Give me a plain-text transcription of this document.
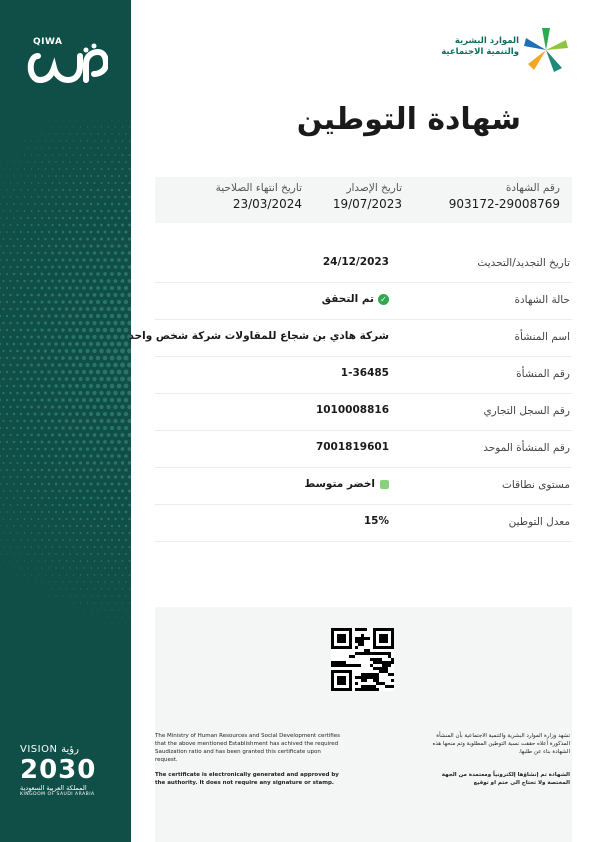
QIWA
VISION رؤية
2030
المملكة العربية السعودية
KINGDOM OF SAUDI ARABIA
الموارد البشرية
والتنمية الاجتماعية
شهادة التوطين
رقم الشهادة
903172-29008769
تاريخ الإصدار
19/07/2023
تاريخ انتهاء الصلاحية
23/03/2024
تاريخ التجديد/التحديث
24/12/2023
حالة الشهادة
✓تم التحقق
اسم المنشأة
شركة هادي بن شجاع للمقاولات شركة شخص واحد
رقم المنشأة
1-36485
رقم السجل التجاري
1010008816
رقم المنشأة الموحد
7001819601
مستوى نطاقات
اخضر متوسط
معدل التوطين
15%
The Ministry of Human Resources and Social Development certifies that the above mentioned Establishment has achived the required Saudization ratio and has been granted this certificate upon request.
The certificate is electronically generated and approved by the authority. It does not require any signature or stamp.
تشهد وزارة الموارد البشرية والتنمية الاجتماعية بأن المنشأة المذكورة أعلاه حققت نسبة التوطين المطلوبة وتم منحها هذه الشهادة بناء عن طلبها.
الشهادة تم إنشاؤها إلكترونياً ومعتمدة من الجهة المختصة ولا تحتاج الى ختم او توقيع
